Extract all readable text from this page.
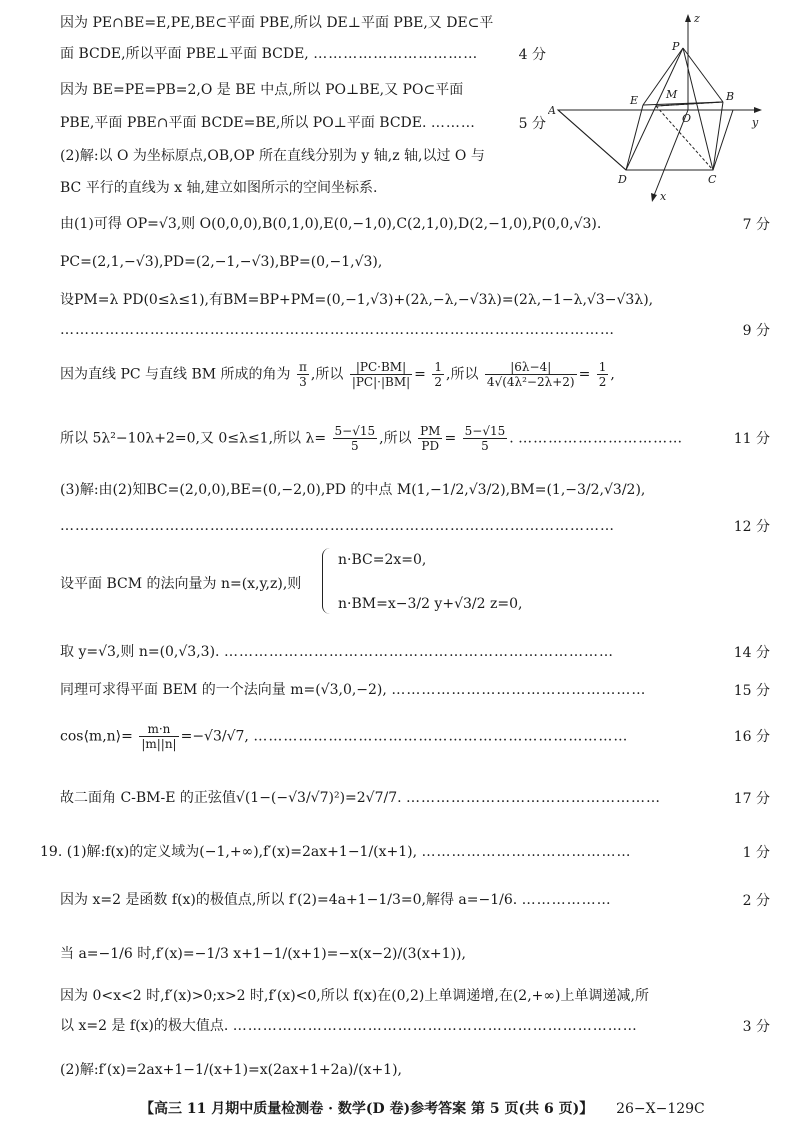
P
M
E	B
A
O
D	C
x
y
z
因为 PE∩BE=E,PE,BE⊂平面 PBE,所以 DE⊥平面 PBE,又 DE⊂平
面 BCDE,所以平面 PBE⊥平面 BCDE, ……………………………	4 分
因为 BE=PE=PB=2,O 是 BE 中点,所以 PO⊥BE,又 PO⊂平面
PBE,平面 PBE∩平面 BCDE=BE,所以 PO⊥平面 BCDE. ………	5 分
(2)解:以 O 为坐标原点,OB,OP 所在直线分别为 y 轴,z 轴,以过 O 与
BC 平行的直线为 x 轴,建立如图所示的空间坐标系.
由(1)可得 OP=√3,则 O(0,0,0),B(0,1,0),E(0,−1,0),C(2,1,0),D(2,−1,0),P(0,0,√3).	7 分
PC=(2,1,−√3),PD=(2,−1,−√3),BP=(0,−1,√3),
设PM=λ PD(0≤λ≤1),有BM=BP+PM=(0,−1,√3)+(2λ,−λ,−√3λ)=(2λ,−1−λ,√3−√3λ),
…………………………………………………………………………………………………	9 分
因为直线 PC 与直线 BM 所成的角为 $\frac{\pi}{3}$ ,所以 $\frac{|PC\cdot BM|}{|PC|\cdot|BM|} = \frac{1}{2}$ ,所以 $\frac{|6\lambda-4|}{\text{4√(4λ²−2λ+2)}} = \frac{1}{2}$ ,
所以 5λ²−10λ+2=0,又 0≤λ≤1,所以 $\lambda= \frac{5-√15}{5}$ ,所以 $\frac{PM}{PD} = \frac{5-√15}{5}$ . ……………………………	11 分
(3)解:由(2)知BC=(2,0,0),BE=(0,−2,0),PD 的中点 M(1,−1/2,√3/2),BM=(1,−3/2,√3/2),
…………………………………………………………………………………………………	12 分
设平面 BCM 的法向量为 n=(x,y,z),则
n·BC=2x=0,
n·BM=x−3/2 y+√3/2 z=0,
取 y=√3,则 n=(0,√3,3). ……………………………………………………………………	14 分
同理可求得平面 BEM 的一个法向量 m=(√3,0,−2), ……………………………………………	15 分
cos⟨m,n⟩= $\frac{m\cdot n}{|m||n|} =-√3/√7$, …………………………………………………………………	16 分
故二面角 C-BM-E 的正弦值√(1−(−√3/√7)²)=2√7/7. ……………………………………………	17 分
19. (1)解:f(x)的定义域为(−1,+∞),f′(x)=2ax+1−1/(x+1), ……………………………………	1 分
因为 x=2 是函数 f(x)的极值点,所以 f′(2)=4a+1−1/3=0,解得 a=−1/6. ………………	2 分
当 a=−1/6 时,f′(x)=−1/3 x+1−1/(x+1)=−x(x−2)/(3(x+1)),
因为 0<x<2 时,f′(x)>0;x>2 时,f′(x)<0,所以 f(x)在(0,2)上单调递增,在(2,+∞)上单调递减,所
以 x=2 是 f(x)的极大值点. ………………………………………………………………………	3 分
(2)解:f′(x)=2ax+1−1/(x+1)=x(2ax+1+2a)/(x+1),
【高三 11 月期中质量检测卷 · 数学(D 卷)参考答案 第 5 页(共 6 页)】 26−X−129C
